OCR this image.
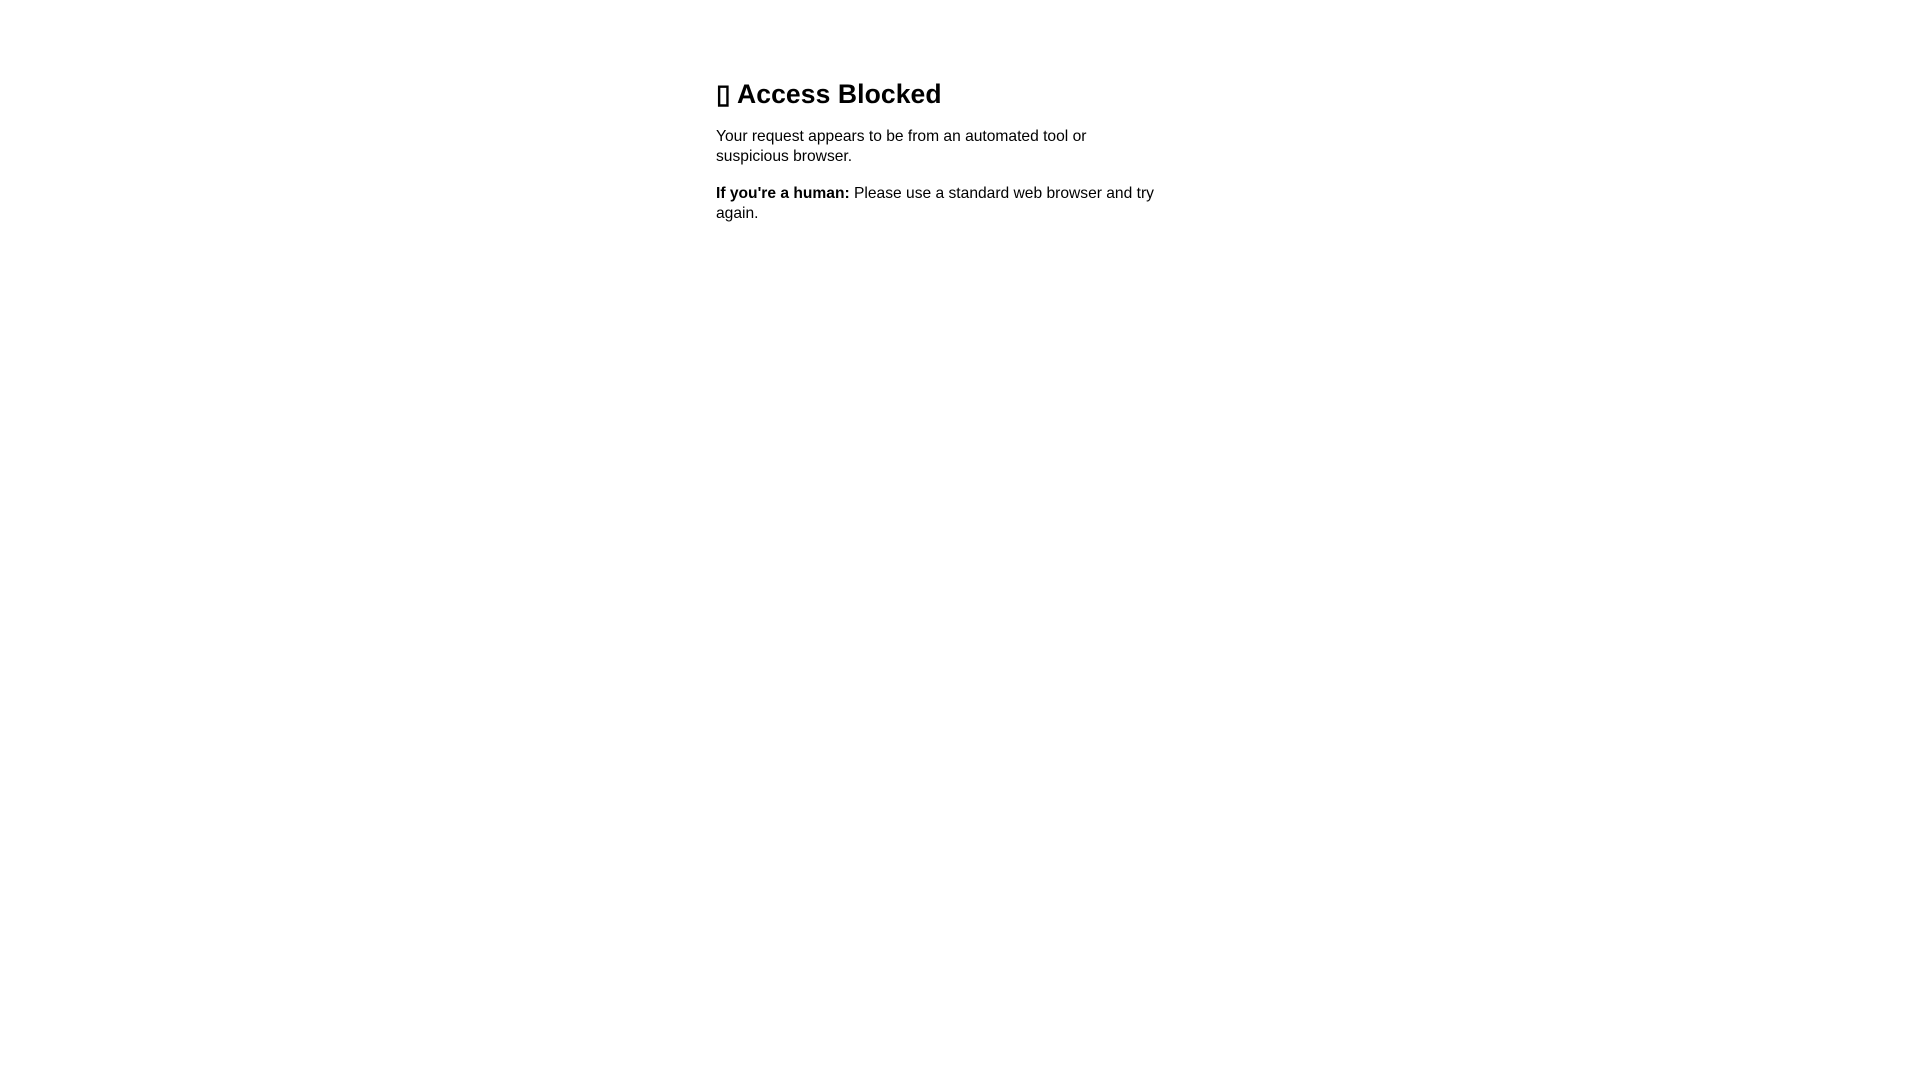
▯ Access Blocked

Your request appears to be from an automated tool or suspicious browser.

If you're a human: Please use a standard web browser and try again.
